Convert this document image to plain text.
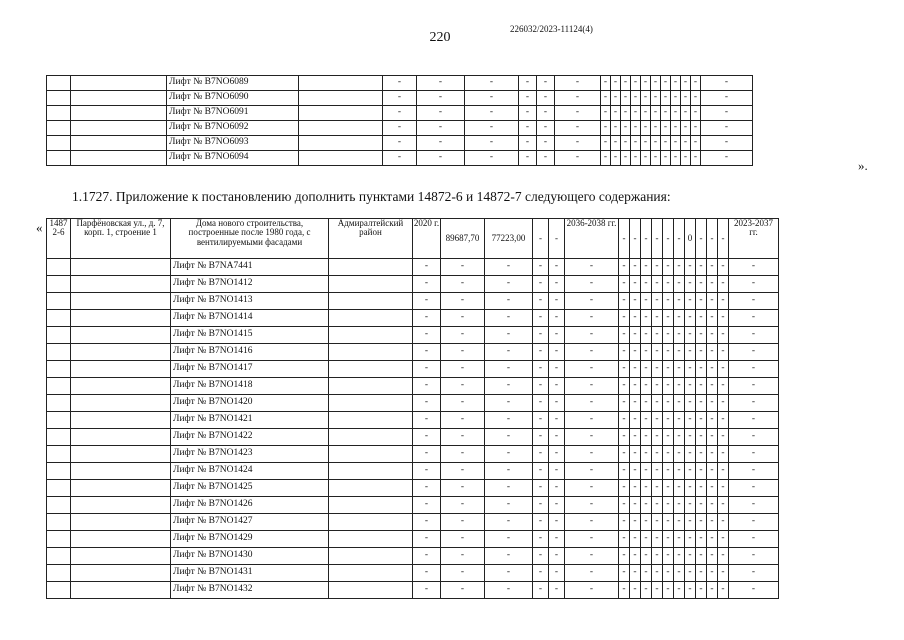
220
226032/2023-11124(4)
		Лифт № В7NO6089		-	-	-	-	-	-	-	-	-	-	-	-	-	-	-	-	-
		Лифт № В7NO6090		-	-	-	-	-	-	-	-	-	-	-	-	-	-	-	-	-
		Лифт № В7NO6091		-	-	-	-	-	-	-	-	-	-	-	-	-	-	-	-	-
		Лифт № В7NO6092		-	-	-	-	-	-	-	-	-	-	-	-	-	-	-	-	-
		Лифт № В7NO6093		-	-	-	-	-	-	-	-	-	-	-	-	-	-	-	-	-
		Лифт № В7NO6094		-	-	-	-	-	-	-	-	-	-	-	-	-	-	-	-	-
».
1.1727. Приложение к постановлению дополнить пунктами 14872-6 и 14872-7 следующего содержания:
« 1487 2-6	Парфёновская ул., д. 7, корп. 1, строение 1	Дома нового строительства, построенные после 1980 года, с вентилируемыми фасадами	Адмиралтейский район	2020 г.	89687,70	77223,00	-	-	2036-2038 гг.	-	-	-	-	-	-	0	-	-	-	2023-2037 гг.
		Лифт № В7NA7441		-	-	-	-	-	-	-	-	-	-	-	-	-	-	-	-	-
		Лифт № В7NO1412		-	-	-	-	-	-	-	-	-	-	-	-	-	-	-	-	-
		Лифт № В7NO1413		-	-	-	-	-	-	-	-	-	-	-	-	-	-	-	-	-
		Лифт № В7NO1414		-	-	-	-	-	-	-	-	-	-	-	-	-	-	-	-	-
		Лифт № В7NO1415		-	-	-	-	-	-	-	-	-	-	-	-	-	-	-	-	-
		Лифт № В7NO1416		-	-	-	-	-	-	-	-	-	-	-	-	-	-	-	-	-
		Лифт № В7NO1417		-	-	-	-	-	-	-	-	-	-	-	-	-	-	-	-	-
		Лифт № В7NO1418		-	-	-	-	-	-	-	-	-	-	-	-	-	-	-	-	-
		Лифт № В7NO1420		-	-	-	-	-	-	-	-	-	-	-	-	-	-	-	-	-
		Лифт № В7NO1421		-	-	-	-	-	-	-	-	-	-	-	-	-	-	-	-	-
		Лифт № В7NO1422		-	-	-	-	-	-	-	-	-	-	-	-	-	-	-	-	-
		Лифт № В7NO1423		-	-	-	-	-	-	-	-	-	-	-	-	-	-	-	-	-
		Лифт № В7NO1424		-	-	-	-	-	-	-	-	-	-	-	-	-	-	-	-	-
		Лифт № В7NO1425		-	-	-	-	-	-	-	-	-	-	-	-	-	-	-	-	-
		Лифт № В7NO1426		-	-	-	-	-	-	-	-	-	-	-	-	-	-	-	-	-
		Лифт № В7NO1427		-	-	-	-	-	-	-	-	-	-	-	-	-	-	-	-	-
		Лифт № В7NO1429		-	-	-	-	-	-	-	-	-	-	-	-	-	-	-	-	-
		Лифт № В7NO1430		-	-	-	-	-	-	-	-	-	-	-	-	-	-	-	-	-
		Лифт № В7NO1431		-	-	-	-	-	-	-	-	-	-	-	-	-	-	-	-	-
		Лифт № В7NO1432		-	-	-	-	-	-	-	-	-	-	-	-	-	-	-	-	-
